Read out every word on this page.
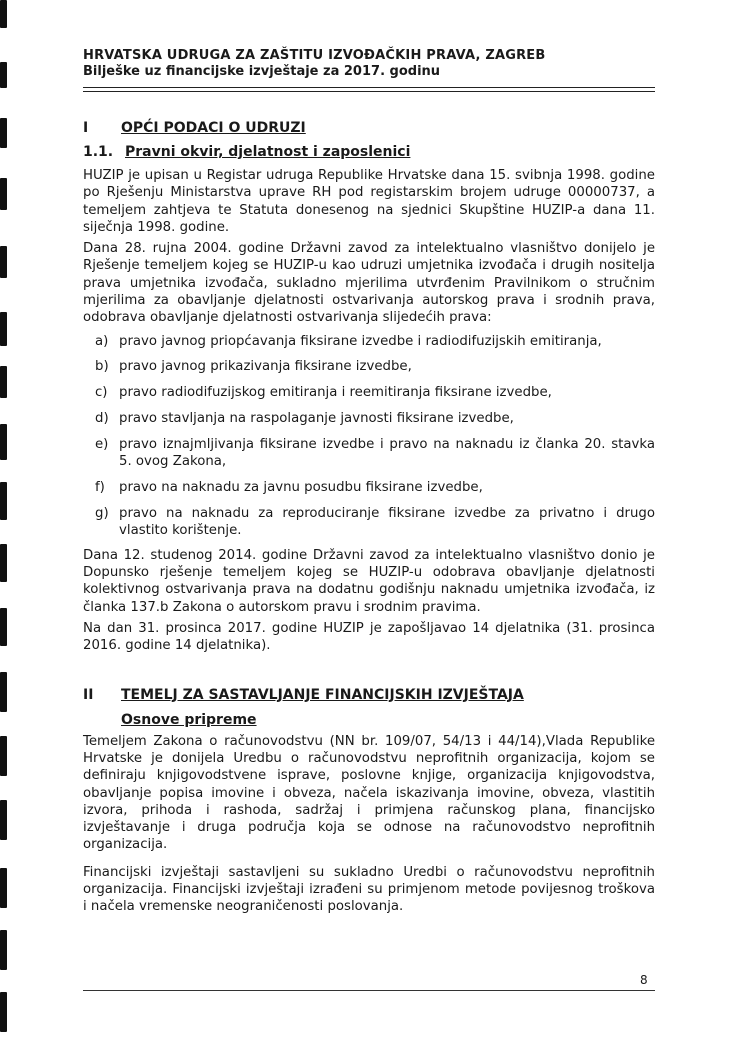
HRVATSKA UDRUGA ZA ZAŠTITU IZVOĐAČKIH PRAVA, ZAGREB

Bilješke uz financijske izvještaje za 2017. godinu

I	OPĆI PODACI O UDRUZI
1.1. Pravni okvir, djelatnost i zaposlenici

HUZIP je upisan u Registar udruga Republike Hrvatske dana 15. svibnja 1998. godine po Rješenju Ministarstva uprave RH pod registarskim brojem udruge 00000737, a temeljem zahtjeva te Statuta donesenog na sjednici Skupštine HUZIP-a dana 11. siječnja 1998. godine.

Dana 28. rujna 2004. godine Državni zavod za intelektualno vlasništvo donijelo je Rješenje temeljem kojeg se HUZIP-u kao udruzi umjetnika izvođača i drugih nositelja prava umjetnika izvođača, sukladno mjerilima utvrđenim Pravilnikom o stručnim mjerilima za obavljanje djelatnosti ostvarivanja autorskog prava i srodnih prava, odobrava obavljanje djelatnosti ostvarivanja slijedećih prava:

a) pravo javnog priopćavanja fiksirane izvedbe i radiodifuzijskih emitiranja,
b) pravo javnog prikazivanja fiksirane izvedbe,
c) pravo radiodifuzijskog emitiranja i reemitiranja fiksirane izvedbe,
d) pravo stavljanja na raspolaganje javnosti fiksirane izvedbe,
e) pravo iznajmljivanja fiksirane izvedbe i pravo na naknadu iz članka 20. stavka 5. ovog Zakona,
f)	pravo na naknadu za javnu posudbu fiksirane izvedbe,
g) pravo na naknadu za reproduciranje fiksirane izvedbe za privatno i drugo vlastito korištenje.

Dana 12. studenog 2014. godine Državni zavod za intelektualno vlasništvo donio je Dopunsko rješenje temeljem kojeg se HUZIP-u odobrava obavljanje djelatnosti kolektivnog ostvarivanja prava na dodatnu godišnju naknadu umjetnika izvođača, iz članka 137.b Zakona o autorskom pravu i srodnim pravima.

Na dan 31. prosinca 2017. godine HUZIP je zapošljavao 14 djelatnika (31. prosinca 2016. godine 14 djelatnika).

II	TEMELJ ZA SASTAVLJANJE FINANCIJSKIH IZVJEŠTAJA
Osnove pripreme

Temeljem Zakona o računovodstvu (NN br. 109/07, 54/13 i 44/14),Vlada Republike Hrvatske je donijela Uredbu o računovodstvu neprofitnih organizacija, kojom se definiraju knjigovodstvene isprave, poslovne knjige, organizacija knjigovodstva, obavljanje popisa imovine i obveza, načela iskazivanja imovine, obveza, vlastitih izvora, prihoda i rashoda, sadržaj i primjena računskog plana, financijsko izvještavanje i druga područja koja se odnose na računovodstvo neprofitnih organizacija.

Financijski izvještaji sastavljeni su sukladno Uredbi o računovodstvu neprofitnih organizacija. Financijski izvještaji izrađeni su primjenom metode povijesnog troškova i načela vremenske neograničenosti poslovanja.

8
